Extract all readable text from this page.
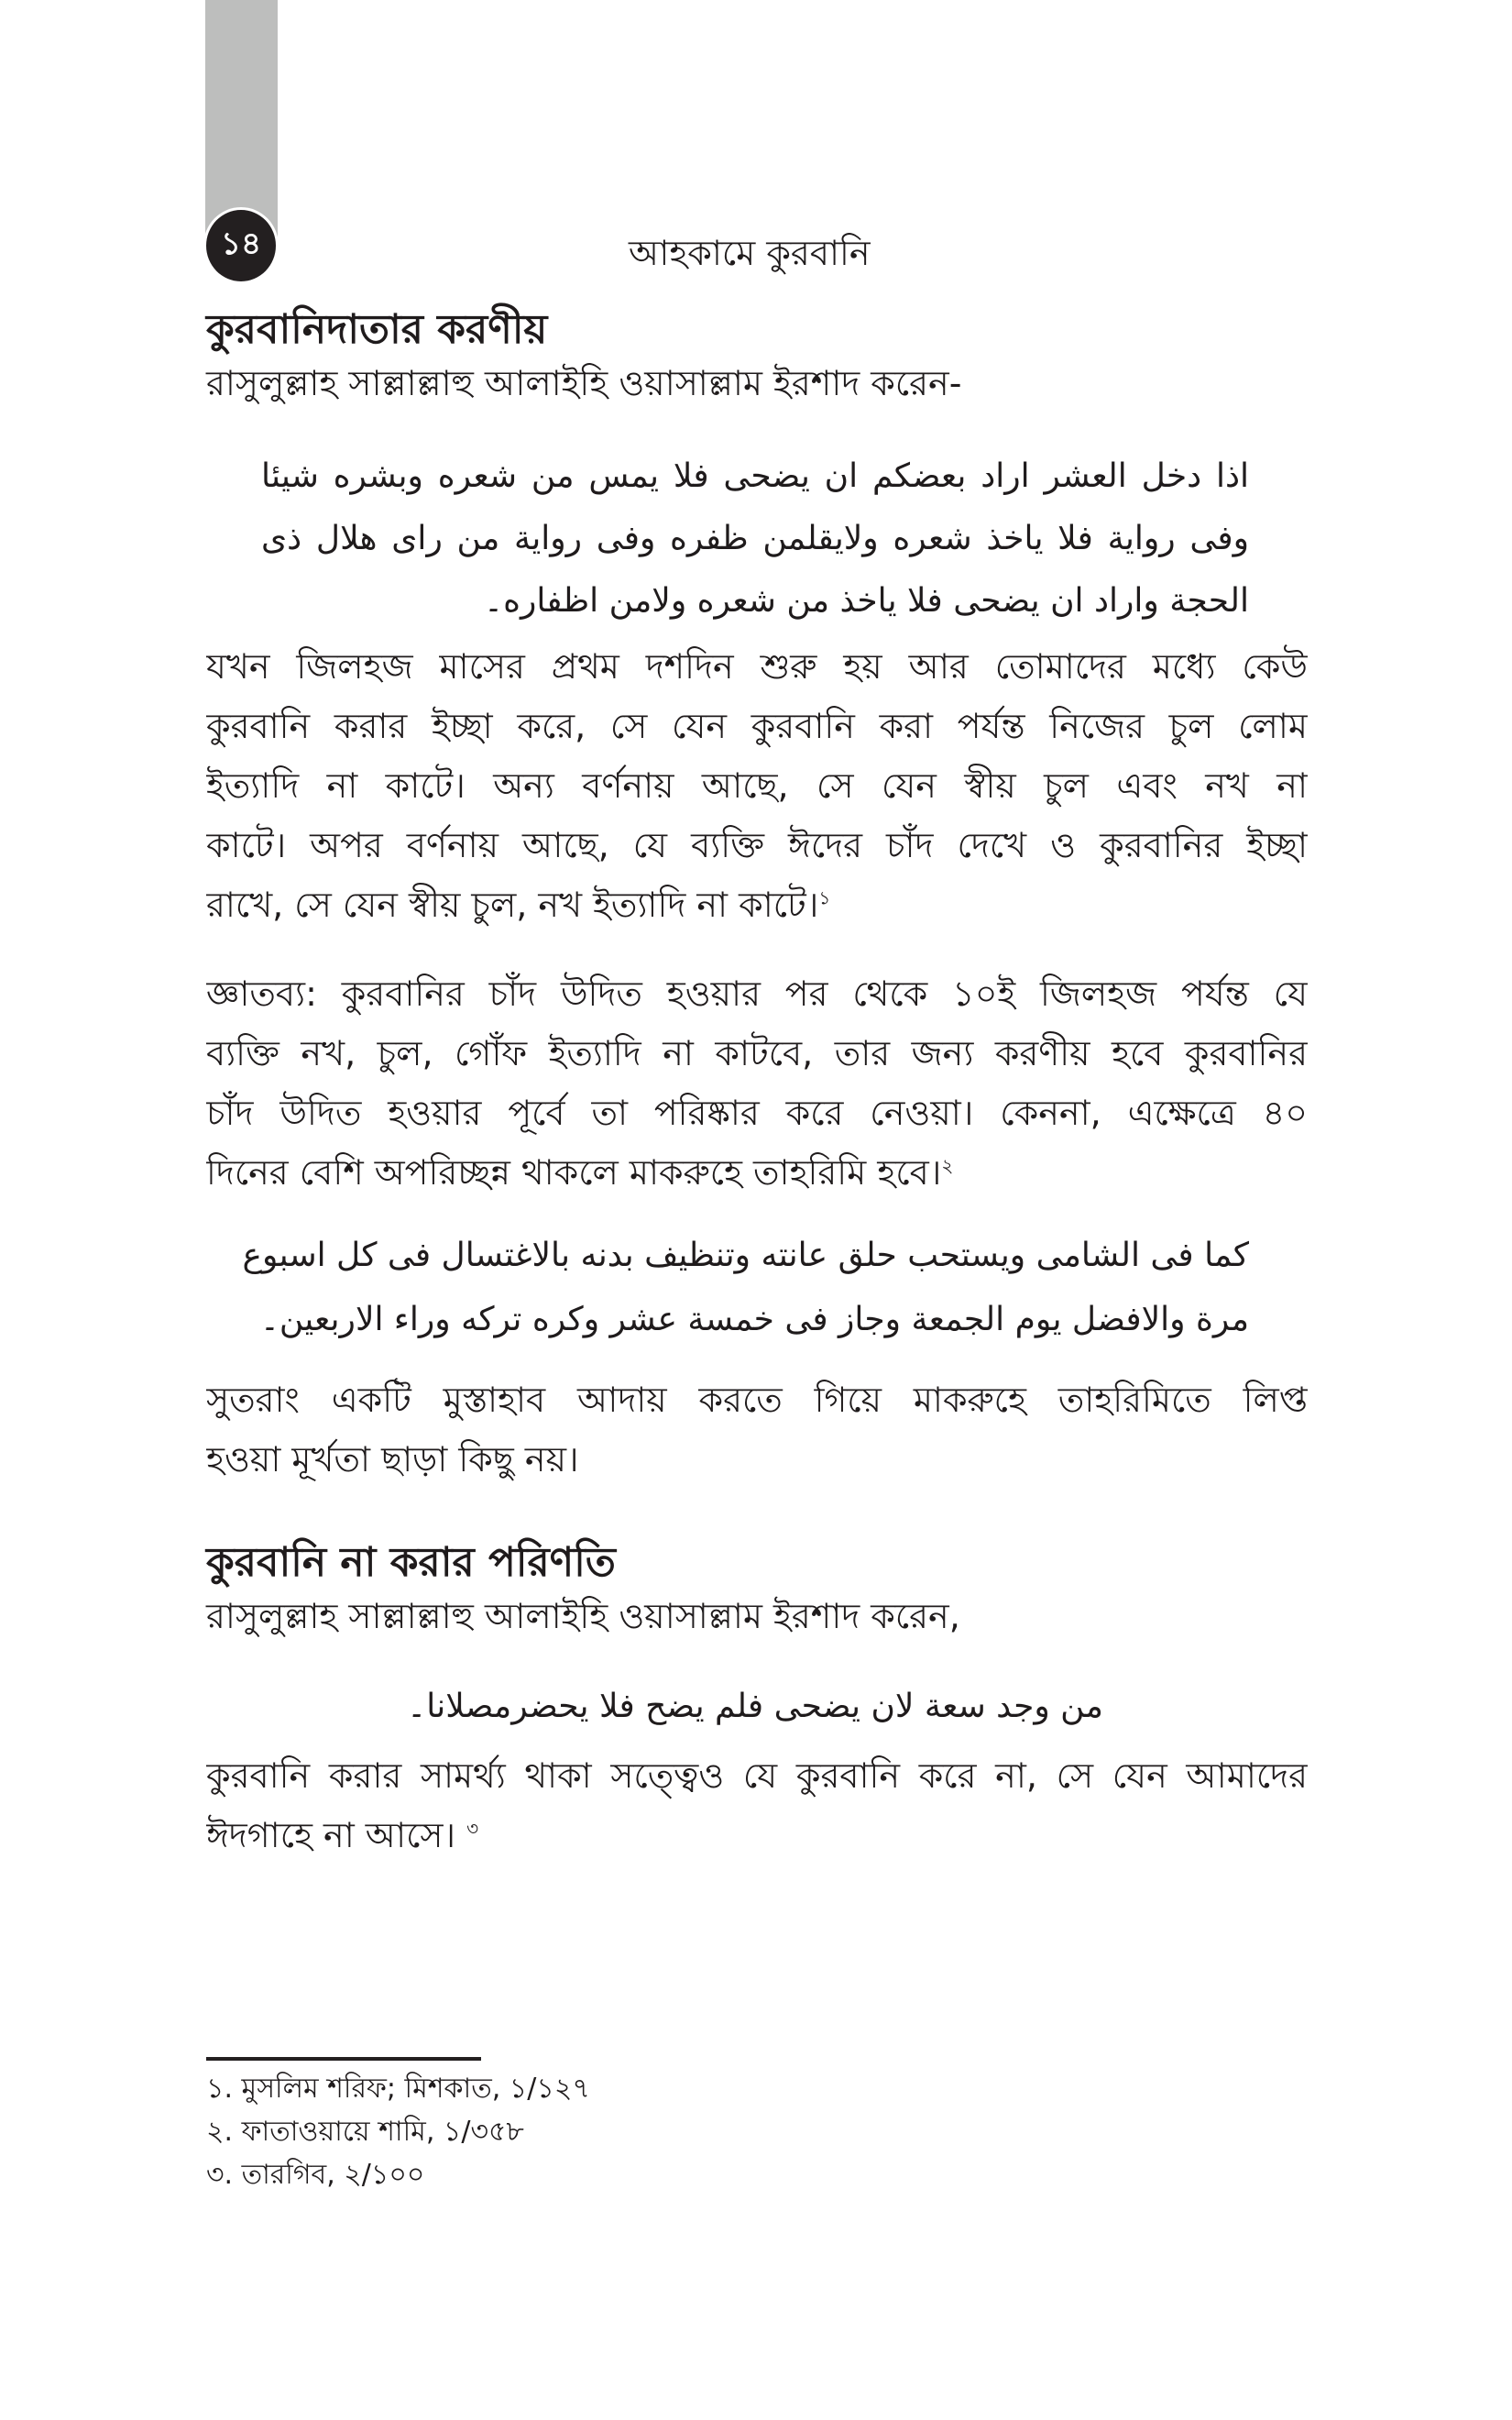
১৪	আহকামে কুরবানি
কুরবানিদাতার করণীয়
রাসুলুল্লাহ সাল্লাল্লাহু আলাইহি ওয়াসাল্লাম ইরশাদ করেন-
اذا دخل العشر اراد بعضكم ان يضحى فلا يمس من شعره وبشره شيئا
وفى رواية فلا ياخذ شعره ولايقلمن ظفره وفى رواية من راى هلال ذى
الحجة واراد ان يضحى فلا ياخذ من شعره ولامن اظفاره۔
যখন জিলহজ মাসের প্রথম দশদিন শুরু হয় আর তোমাদের মধ্যে কেউ
কুরবানি করার ইচ্ছা করে, সে যেন কুরবানি করা পর্যন্ত নিজের চুল লোম
ইত্যাদি না কাটে। অন্য বর্ণনায় আছে, সে যেন স্বীয় চুল এবং নখ না
কাটে। অপর বর্ণনায় আছে, যে ব্যক্তি ঈদের চাঁদ দেখে ও কুরবানির ইচ্ছা
রাখে, সে যেন স্বীয় চুল, নখ ইত্যাদি না কাটে।$^১$
জ্ঞাতব্য: কুরবানির চাঁদ উদিত হওয়ার পর থেকে ১০ই জিলহজ পর্যন্ত যে
ব্যক্তি নখ, চুল, গোঁফ ইত্যাদি না কাটবে, তার জন্য করণীয় হবে কুরবানির
চাঁদ উদিত হওয়ার পূর্বে তা পরিষ্কার করে নেওয়া। কেননা, এক্ষেত্রে ৪০
দিনের বেশি অপরিচ্ছন্ন থাকলে মাকরুহে তাহরিমি হবে।$^২$
كما فى الشامى ويستحب حلق عانته وتنظيف بدنه بالاغتسال فى كل اسبوع
مرة والافضل يوم الجمعة وجاز فى خمسة عشر وكره تركه وراء الاربعين۔
সুতরাং একটি মুস্তাহাব আদায় করতে গিয়ে মাকরুহে তাহরিমিতে লিপ্ত
হওয়া মূর্খতা ছাড়া কিছু নয়।
কুরবানি না করার পরিণতি
রাসুলুল্লাহ সাল্লাল্লাহু আলাইহি ওয়াসাল্লাম ইরশাদ করেন,
من وجد سعة لان يضحى فلم يضح فلا يحضرمصلانا۔
কুরবানি করার সামর্থ্য থাকা সত্ত্বেও যে কুরবানি করে না, সে যেন আমাদের
ঈদগাহে না আসে। $^৩$
১. মুসলিম শরিফ; মিশকাত, ১/১২৭
২. ফাতাওয়ায়ে শামি, ১/৩৫৮
৩. তারগিব, ২/১০০
